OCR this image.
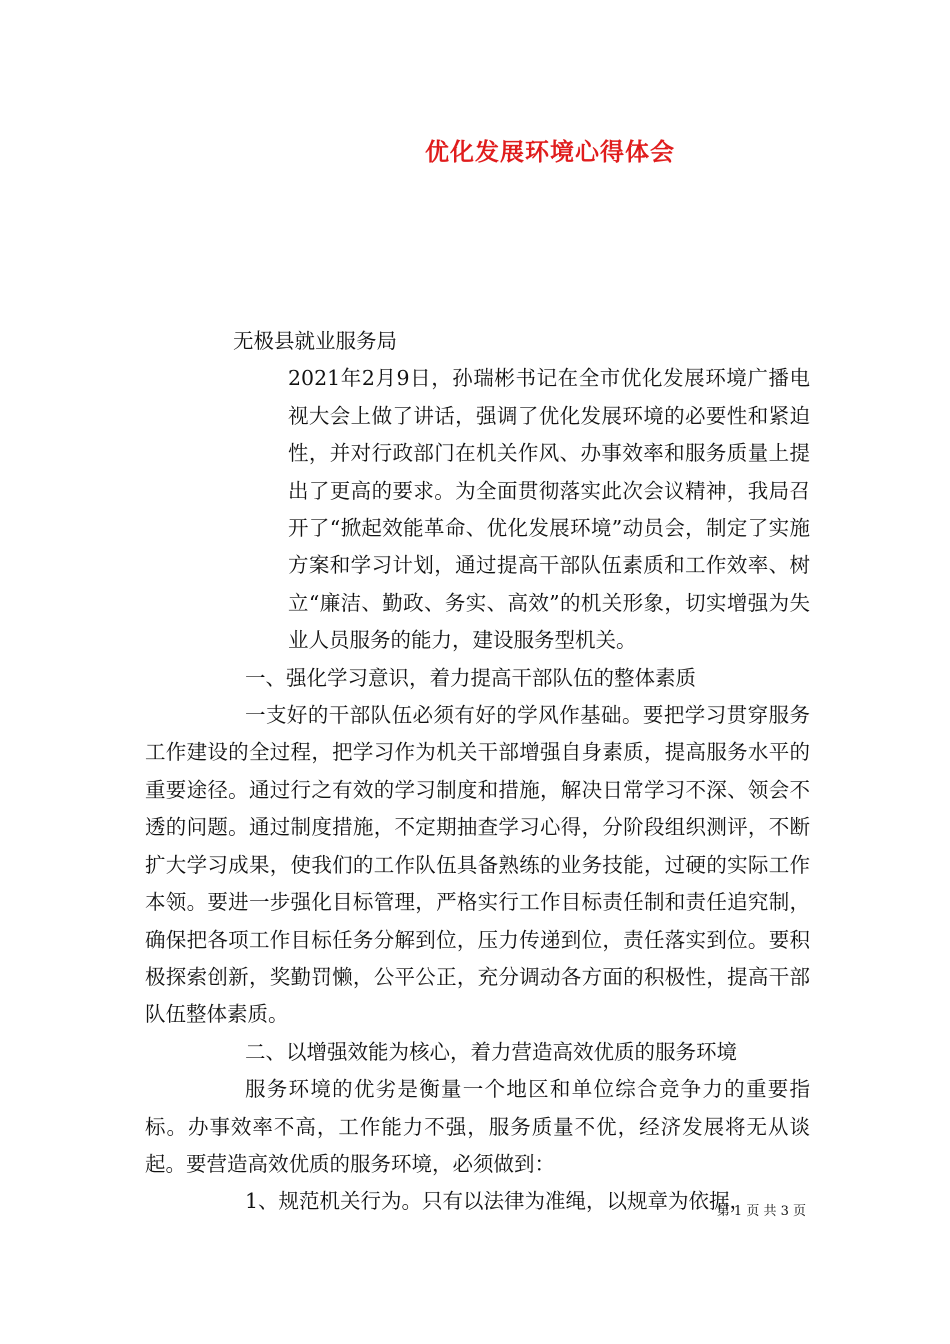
优化发展环境心得体会

无极县就业服务局

2021年2月9日，孙瑞彬书记在全市优化发展环境广播电视大会上做了讲话，强调了优化发展环境的必要性和紧迫性，并对行政部门在机关作风、办事效率和服务质量上提出了更高的要求。为全面贯彻落实此次会议精神，我局召开了“掀起效能革命、优化发展环境”动员会，制定了实施方案和学习计划，通过提高干部队伍素质和工作效率、树立“廉洁、勤政、务实、高效”的机关形象，切实增强为失业人员服务的能力，建设服务型机关。

一、强化学习意识，着力提高干部队伍的整体素质

一支好的干部队伍必须有好的学风作基础。要把学习贯穿服务工作建设的全过程，把学习作为机关干部增强自身素质，提高服务水平的重要途径。通过行之有效的学习制度和措施，解决日常学习不深、领会不透的问题。通过制度措施，不定期抽查学习心得，分阶段组织测评，不断扩大学习成果，使我们的工作队伍具备熟练的业务技能，过硬的实际工作本领。要进一步强化目标管理，严格实行工作目标责任制和责任追究制，确保把各项工作目标任务分解到位，压力传递到位，责任落实到位。要积极探索创新，奖勤罚懒，公平公正，充分调动各方面的积极性，提高干部队伍整体素质。

二、以增强效能为核心，着力营造高效优质的服务环境

服务环境的优劣是衡量一个地区和单位综合竞争力的重要指标。办事效率不高，工作能力不强，服务质量不优，经济发展将无从谈起。要营造高效优质的服务环境，必须做到：

1、规范机关行为。只有以法律为准绳，以规章为依据，

第 1 页 共 3 页
